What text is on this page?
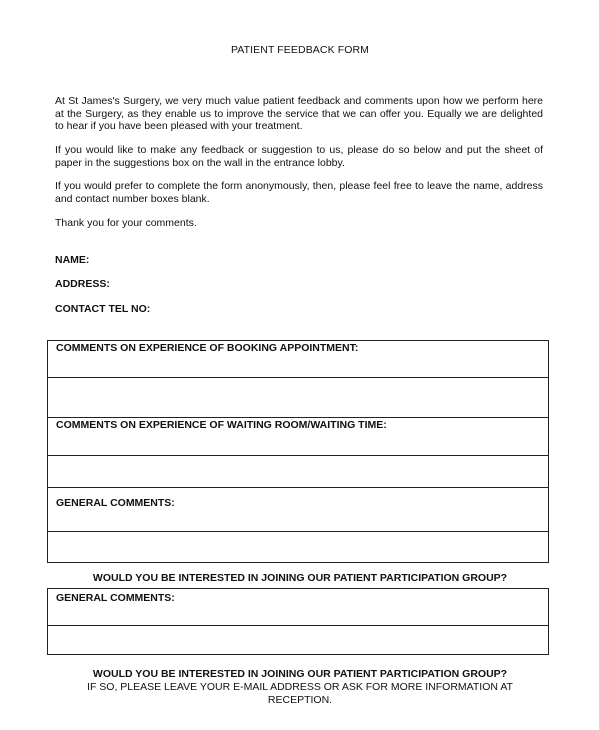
PATIENT FEEDBACK FORM

At St James's Surgery, we very much value patient feedback and comments upon how we perform here at the Surgery, as they enable us to improve the service that we can offer you. Equally we are delighted to hear if you have been pleased with your treatment.

If you would like to make any feedback or suggestion to us, please do so below and put the sheet of paper in the suggestions box on the wall in the entrance lobby.

If you would prefer to complete the form anonymously, then, please feel free to leave the name, address and contact number boxes blank.

Thank you for your comments.

NAME:
ADDRESS:
CONTACT TEL NO:
COMMENTS ON EXPERIENCE OF BOOKING APPOINTMENT:
COMMENTS ON EXPERIENCE OF WAITING ROOM/WAITING TIME:
GENERAL COMMENTS:
WOULD YOU BE INTERESTED IN JOINING OUR PATIENT PARTICIPATION GROUP?
GENERAL COMMENTS:
WOULD YOU BE INTERESTED IN JOINING OUR PATIENT PARTICIPATION GROUP?
IF SO, PLEASE LEAVE YOUR E-MAIL ADDRESS OR ASK FOR MORE INFORMATION AT RECEPTION.
